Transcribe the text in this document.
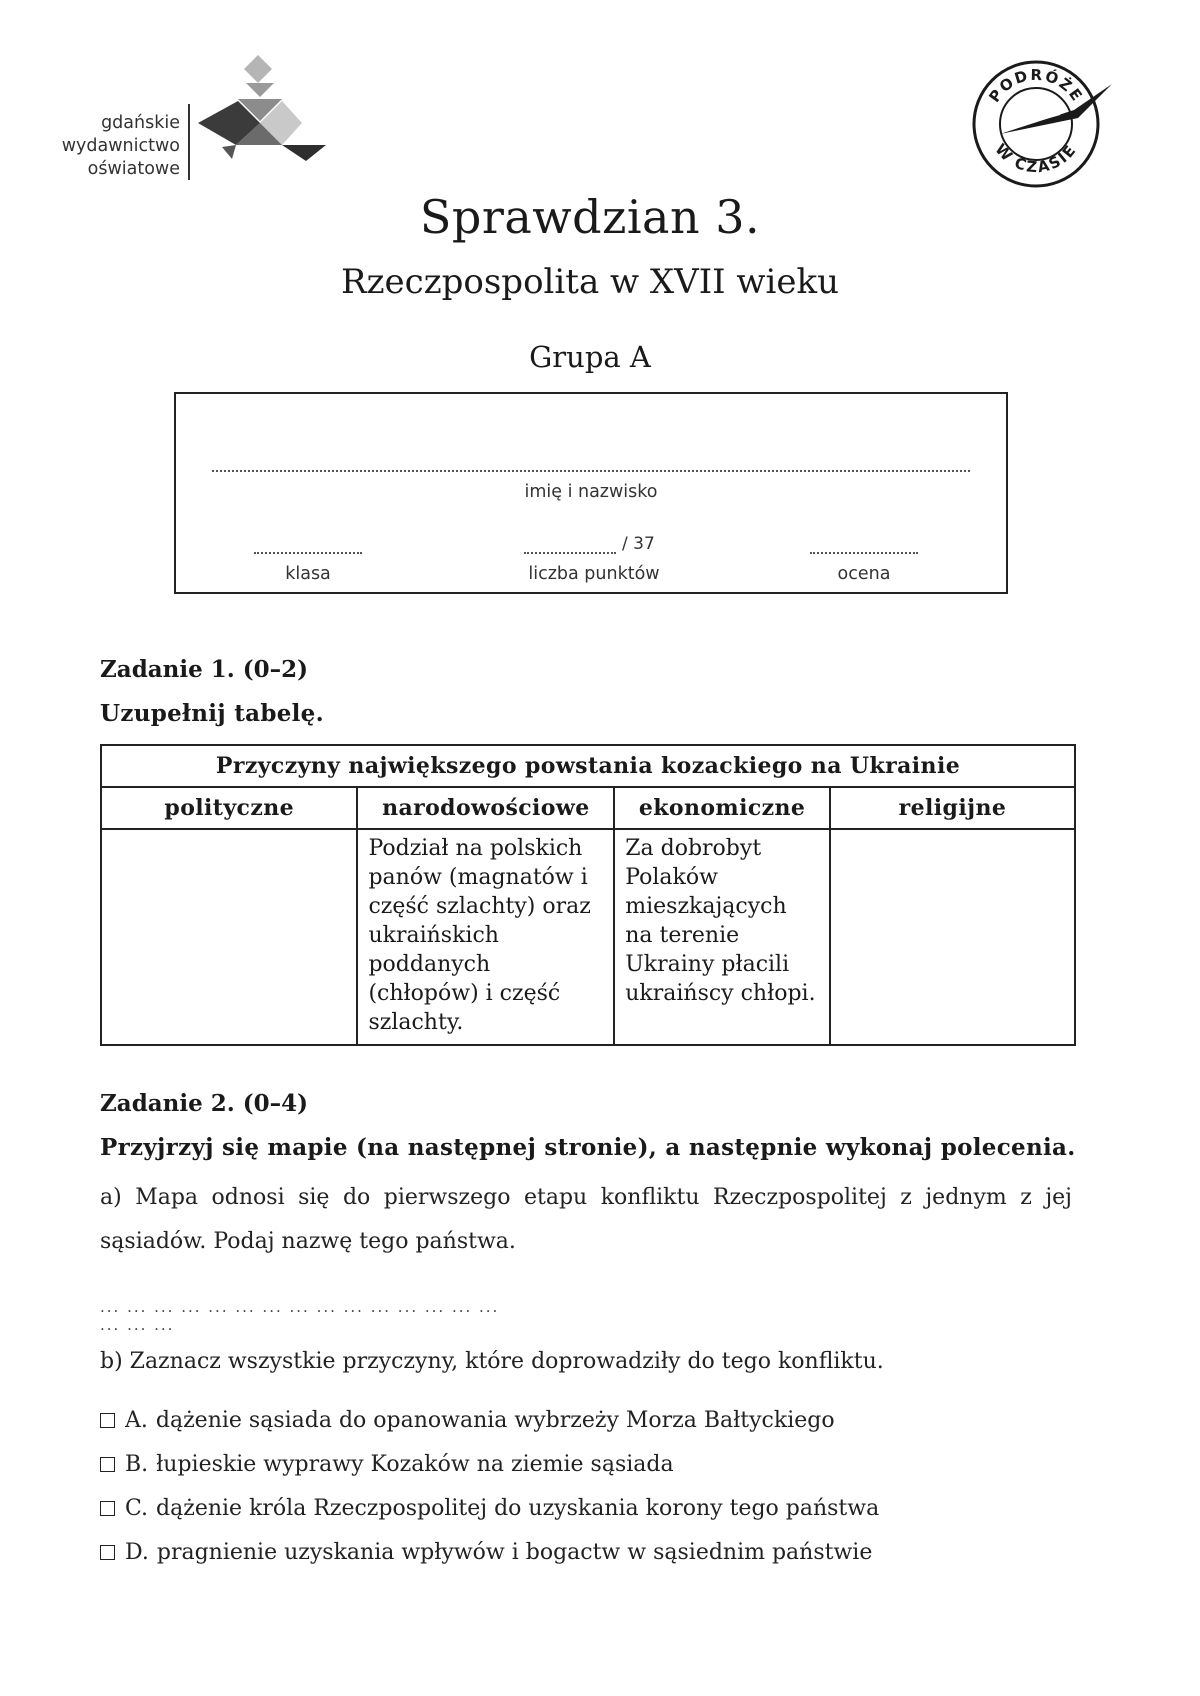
gdańskie
wydawnictwo
oświatowe
PODRÓŻE
W CZASIE
Sprawdzian 3.
Rzeczpospolita w XVII wieku
Grupa A
imię i nazwisko
/ 37
klasa	liczba punktów	ocena
Zadanie 1. (0–2)
Uzupełnij tabelę.
Przyczyny największego powstania kozackiego na Ukrainie			
polityczne	narodowościowe	ekonomiczne	religijne
	Podział na polskich panów (magnatów i część szlachty) oraz ukraińskich poddanych (chłopów) i część szlachty.	Za dobrobyt Polaków mieszkających na terenie Ukrainy płacili ukraińscy chłopi.	
Zadanie 2. (0–4)
Przyjrzyj się mapie (na następnej stronie), a następnie wykonaj polecenia.
a) Mapa odnosi się do pierwszego etapu konfliktu Rzeczpospolitej z jednym z jej sąsiadów. Podaj nazwę tego państwa.
... ... ... ... ... ... ... ... ... ... ... ... ... ... ... ... ... ...
b) Zaznacz wszystkie przyczyny, które doprowadziły do tego konfliktu.
A. dążenie sąsiada do opanowania wybrzeży Morza Bałtyckiego
B. łupieskie wyprawy Kozaków na ziemie sąsiada
C. dążenie króla Rzeczpospolitej do uzyskania korony tego państwa
D. pragnienie uzyskania wpływów i bogactw w sąsiednim państwie
